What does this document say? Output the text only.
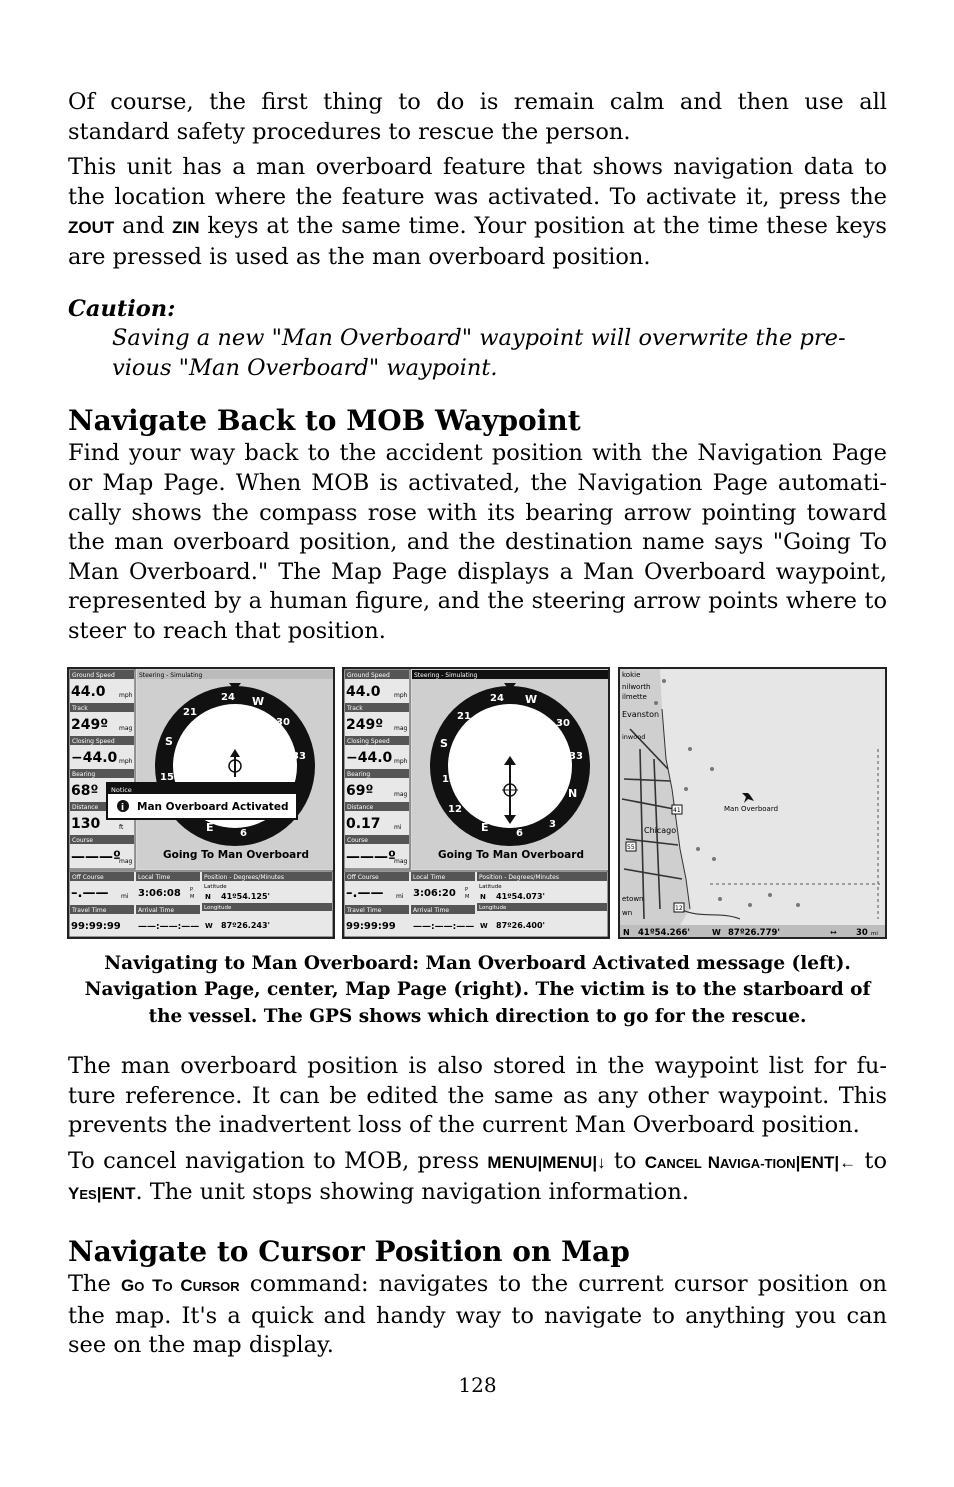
Of course, the first thing to do is remain calm and then use all standard safety procedures to rescue the person.

This unit has a man overboard feature that shows navigation data to the location where the feature was activated. To activate it, press the ZOUT and ZIN keys at the same time. Your position at the time these keys are pressed is used as the man overboard position.

Caution:

Saving a new "Man Overboard" waypoint will overwrite the pre-vious "Man Overboard" waypoint.

Navigate Back to MOB Waypoint

Find your way back to the accident position with the Navigation Page or Map Page. When MOB is activated, the Navigation Page automati-cally shows the compass rose with its bearing arrow pointing toward the man overboard position, and the destination name says "Going To Man Overboard." The Map Page displays a Man Overboard waypoint, represented by a human figure, and the steering arrow points where to steer to reach that position.

Ground Speed
44.0 mph
Track
249º mag
Closing Speed
−44.0 mph
Bearing
68º
Distance
130	ft
Course
———º
mag
Steering - Simulating
24 W
30
33
21
S
15
E	6
Notice
i Man Overboard Activated
Going To Man Overboard
Off Course
–.—— mi
Local Time
3:06:08 P
M
Position - Degrees/Minutes
Latitude
N 41º54.125'
Longitude
W 87º26.243'
Travel Time
99:99:99
Arrival Time
——:——:——
Ground Speed
44.0 mph
Track
249º mag
Closing Speed
−44.0 mph
Bearing
69º	mag
Distance
0.17 mi
Course
———º
mag
Steering - Simulating
24 W
30
33
N
3
21
S
15
12
E	6
Going To Man Overboard
Off Course
–.—— mi
Local Time
3:06:20 P
M
Position - Degrees/Minutes
Latitude
N 41º54.073'
Longitude
W 87º26.400'
Travel Time
99:99:99
Arrival Time
——:——:——
kokie
nilworth
ilmette
Evanston
inwood
Chicago
etown
wn
41
55
12
Man Overboard
N 41º54.266'	W 87º26.779'	↔ 30 mi

Navigating to Man Overboard: Man Overboard Activated message (left). Navigation Page, center, Map Page (right). The victim is to the starboard of the vessel. The GPS shows which direction to go for the rescue.

The man overboard position is also stored in the waypoint list for fu-ture reference. It can be edited the same as any other waypoint. This prevents the inadvertent loss of the current Man Overboard position.

To cancel navigation to MOB, press MENU|MENU|↓ to CANCEL NAVIGA-TION|ENT|← to YES|ENT. The unit stops showing navigation information.

Navigate to Cursor Position on Map

The GO TO CURSOR command: navigates to the current cursor position on the map. It's a quick and handy way to navigate to anything you can see on the map display.

128
